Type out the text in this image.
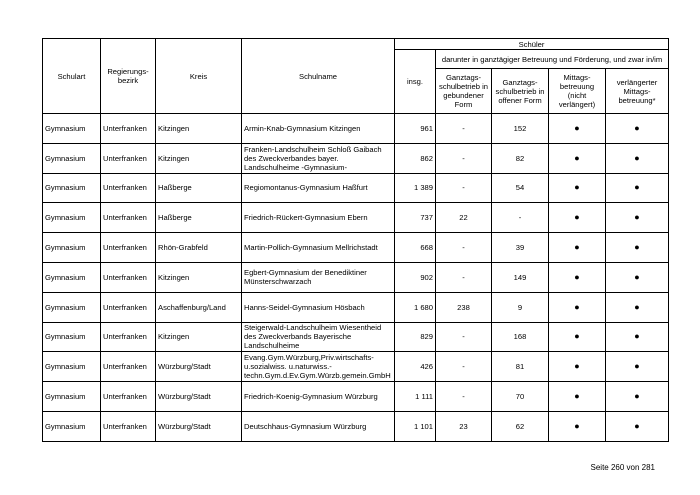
Schulart	Regierungs-
bezirk	Kreis	Schulname	Schüler				
				insg.	darunter in ganztägiger Betreuung und Förderung, und zwar in/im			
					Ganztags-
schulbetrieb in
gebundener
Form	Ganztags-
schulbetrieb in
offener Form	Mittags-
betreuung
(nicht
verlängert)	verlängerter
Mittags-
betreuung*
Gymnasium	Unterfranken	Kitzingen	Armin-Knab-Gymnasium Kitzingen	961	-	152	●	●
Gymnasium	Unterfranken	Kitzingen	Franken-Landschulheim Schloß Gaibach des Zweckverbandes bayer. Landschulheime -Gymnasium-	862	-	82	●	●
Gymnasium	Unterfranken	Haßberge	Regiomontanus-Gymnasium Haßfurt	1 389	-	54	●	●
Gymnasium	Unterfranken	Haßberge	Friedrich-Rückert-Gymnasium Ebern	737	22	-	●	●
Gymnasium	Unterfranken	Rhön-Grabfeld	Martin-Pollich-Gymnasium Mellrichstadt	668	-	39	●	●
Gymnasium	Unterfranken	Kitzingen	Egbert-Gymnasium der Benediktiner Münsterschwarzach	902	-	149	●	●
Gymnasium	Unterfranken	Aschaffenburg/Land	Hanns-Seidel-Gymnasium Hösbach	1 680	238	9	●	●
Gymnasium	Unterfranken	Kitzingen	Steigerwald-Landschulheim Wiesentheid des Zweckverbands Bayerische Landschulheime	829	-	168	●	●
Gymnasium	Unterfranken	Würzburg/Stadt	Evang.Gym.Würzburg,Priv.wirtschafts-u.sozialwiss. u.naturwiss.-techn.Gym.d.Ev.Gym.Würzb.gemein.GmbH	426	-	81	●	●
Gymnasium	Unterfranken	Würzburg/Stadt	Friedrich-Koenig-Gymnasium Würzburg	1 111	-	70	●	●
Gymnasium	Unterfranken	Würzburg/Stadt	Deutschhaus-Gymnasium Würzburg	1 101	23	62	●	●
Seite 260 von 281
